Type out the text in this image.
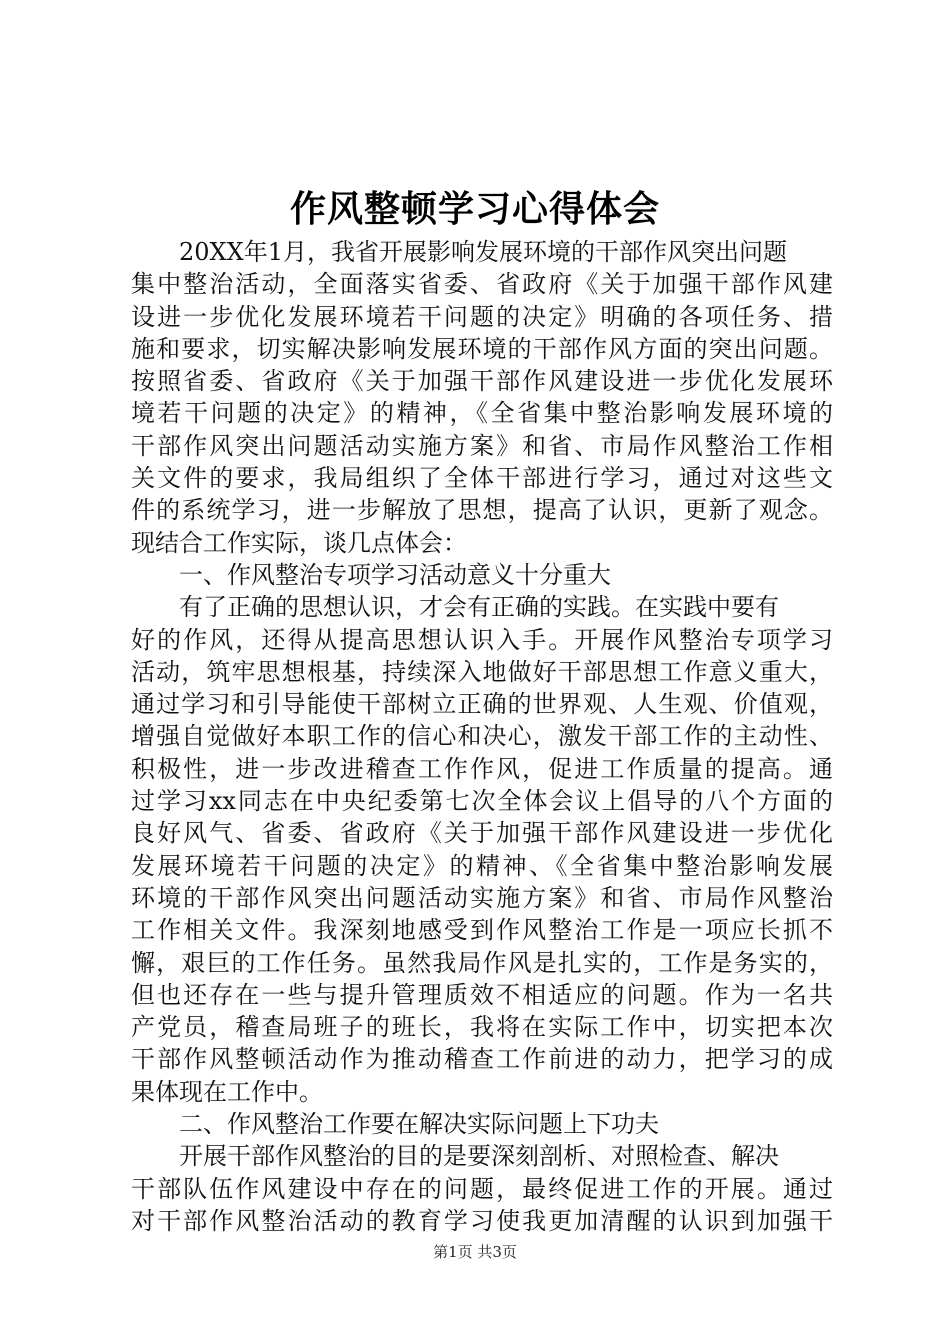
作风整顿学习心得体会
　　20XX年1月，我省开展影响发展环境的干部作风突出问题
集中整治活动，全面落实省委、省政府《关于加强干部作风建
设进一步优化发展环境若干问题的决定》明确的各项任务、措
施和要求，切实解决影响发展环境的干部作风方面的突出问题。
按照省委、省政府《关于加强干部作风建设进一步优化发展环
境若干问题的决定》的精神，《全省集中整治影响发展环境的
干部作风突出问题活动实施方案》和省、市局作风整治工作相
关文件的要求，我局组织了全体干部进行学习，通过对这些文
件的系统学习，进一步解放了思想，提高了认识，更新了观念。
现结合工作实际，谈几点体会：
　　一、作风整治专项学习活动意义十分重大
　　有了正确的思想认识，才会有正确的实践。在实践中要有
好的作风，还得从提高思想认识入手。开展作风整治专项学习
活动，筑牢思想根基，持续深入地做好干部思想工作意义重大，
通过学习和引导能使干部树立正确的世界观、人生观、价值观，
增强自觉做好本职工作的信心和决心，激发干部工作的主动性、
积极性，进一步改进稽查工作作风，促进工作质量的提高。通
过学习xx同志在中央纪委第七次全体会议上倡导的八个方面的
良好风气、省委、省政府《关于加强干部作风建设进一步优化
发展环境若干问题的决定》的精神、《全省集中整治影响发展
环境的干部作风突出问题活动实施方案》和省、市局作风整治
工作相关文件。我深刻地感受到作风整治工作是一项应长抓不
懈，艰巨的工作任务。虽然我局作风是扎实的，工作是务实的，
但也还存在一些与提升管理质效不相适应的问题。作为一名共
产党员，稽查局班子的班长，我将在实际工作中，切实把本次
干部作风整顿活动作为推动稽查工作前进的动力，把学习的成
果体现在工作中。
　　二、作风整治工作要在解决实际问题上下功夫
　　开展干部作风整治的目的是要深刻剖析、对照检查、解决
干部队伍作风建设中存在的问题，最终促进工作的开展。通过
对干部作风整治活动的教育学习使我更加清醒的认识到加强干
第1页 共3页
